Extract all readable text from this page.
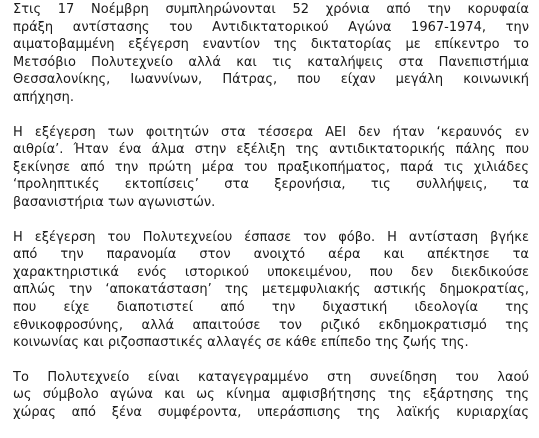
Στις 17 Νοέμβρη συμπληρώνονται 52 χρόνια από την κορυφαία
πράξη αντίστασης του Αντιδικτατορικού Αγώνα 1967-1974, την
αιματοβαμμένη εξέγερση εναντίον της δικτατορίας με επίκεντρο το
Μετσόβιο Πολυτεχνείο αλλά και τις καταλήψεις στα Πανεπιστήμια
Θεσσαλονίκης, Ιωαννίνων, Πάτρας, που είχαν μεγάλη κοινωνική
απήχηση.

Η εξέγερση των φοιτητών στα τέσσερα ΑΕΙ δεν ήταν ‘κεραυνός εν
αιθρία’. Ήταν ένα άλμα στην εξέλιξη της αντιδικτατορικής πάλης που
ξεκίνησε από την πρώτη μέρα του πραξικοπήματος, παρά τις χιλιάδες
‘προληπτικές εκτοπίσεις’ στα ξερονήσια, τις συλλήψεις, τα
βασανιστήρια των αγωνιστών.

Η εξέγερση του Πολυτεχνείου έσπασε τον φόβο. Η αντίσταση βγήκε
από την παρανομία στον ανοιχτό αέρα και απέκτησε τα
χαρακτηριστικά ενός ιστορικού υποκειμένου, που δεν διεκδικούσε
απλώς την ‘αποκατάσταση’ της μετεμφυλιακής αστικής δημοκρατίας,
που είχε διαποτιστεί από την διχαστική ιδεολογία της
εθνικοφροσύνης, αλλά απαιτούσε τον ριζικό εκδημοκρατισμό της
κοινωνίας και ριζοσπαστικές αλλαγές σε κάθε επίπεδο της ζωής της.

Το Πολυτεχνείο είναι καταγεγραμμένο στη συνείδηση του λαού
ως σύμβολο αγώνα και ως κίνημα αμφισβήτησης της εξάρτησης της
χώρας από ξένα συμφέροντα, υπεράσπισης της λαϊκής κυριαρχίας
